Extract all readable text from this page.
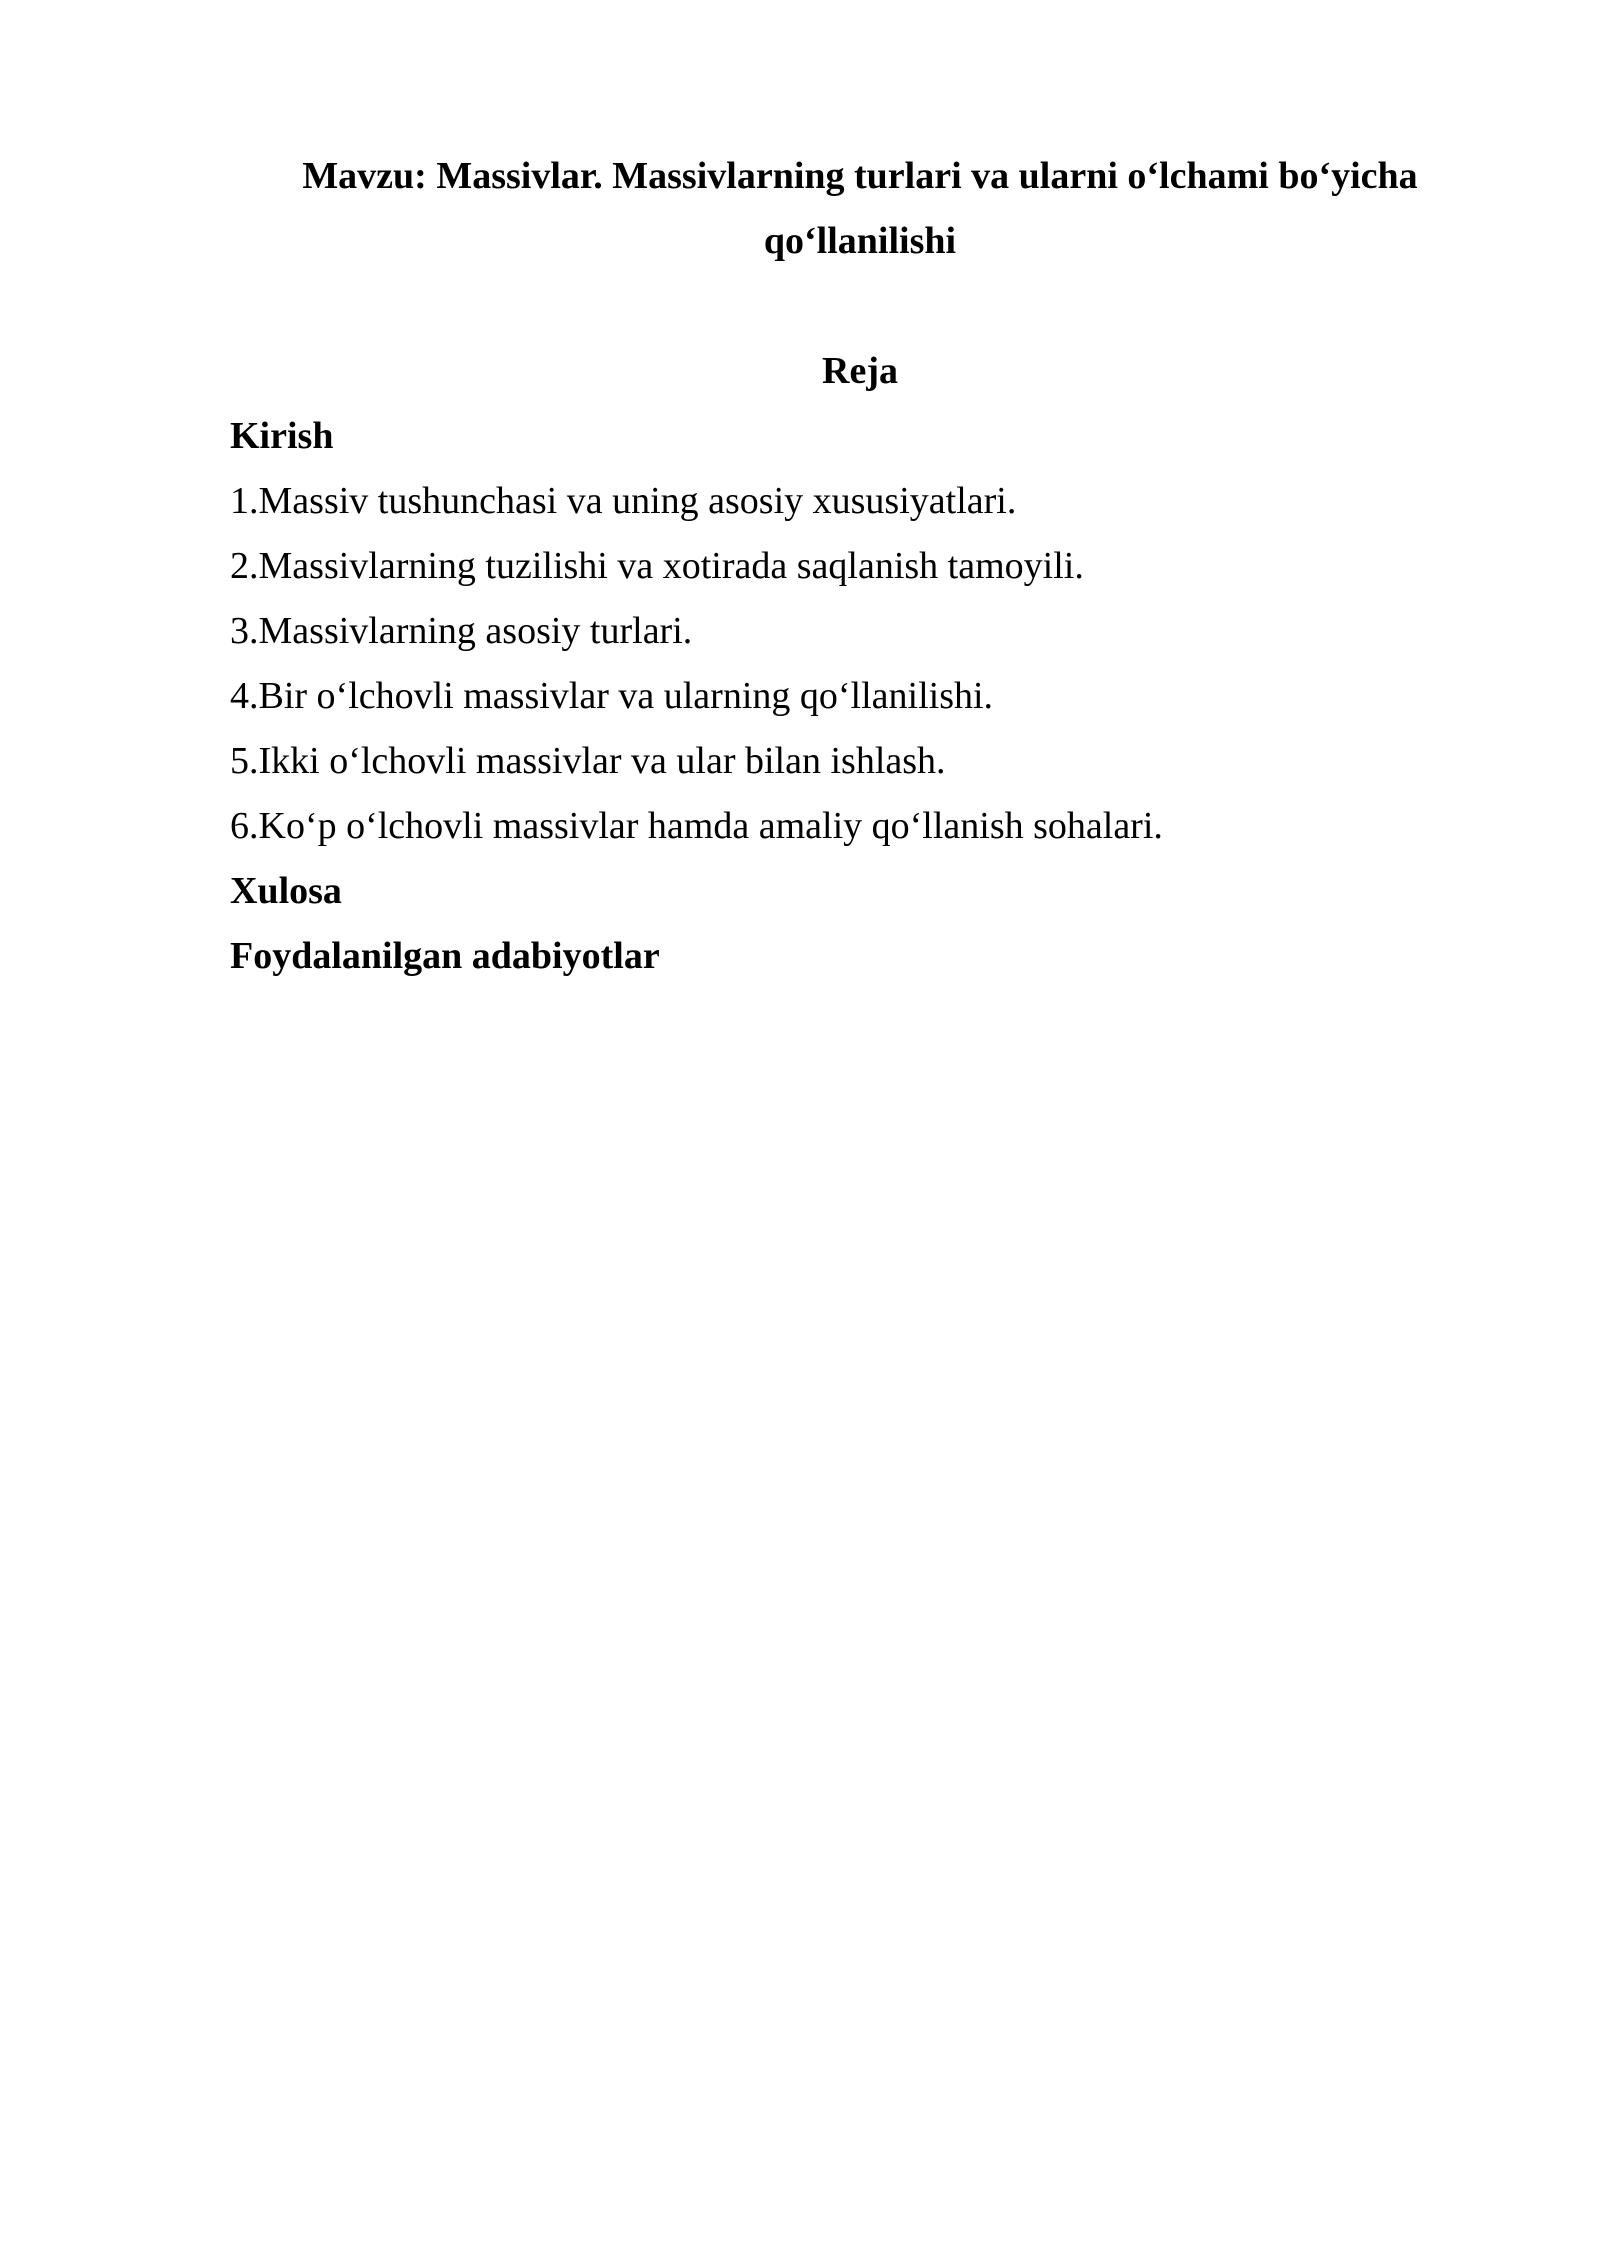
Mavzu: Massivlar. Massivlarning turlari va ularni o‘lchami bo‘yicha
qo‘llanilishi
Reja
Kirish
1.Massiv tushunchasi va uning asosiy xususiyatlari.
2.Massivlarning tuzilishi va xotirada saqlanish tamoyili.
3.Massivlarning asosiy turlari.
4.Bir o‘lchovli massivlar va ularning qo‘llanilishi.
5.Ikki o‘lchovli massivlar va ular bilan ishlash.
6.Ko‘p o‘lchovli massivlar hamda amaliy qo‘llanish sohalari.
Xulosa
Foydalanilgan adabiyotlar
